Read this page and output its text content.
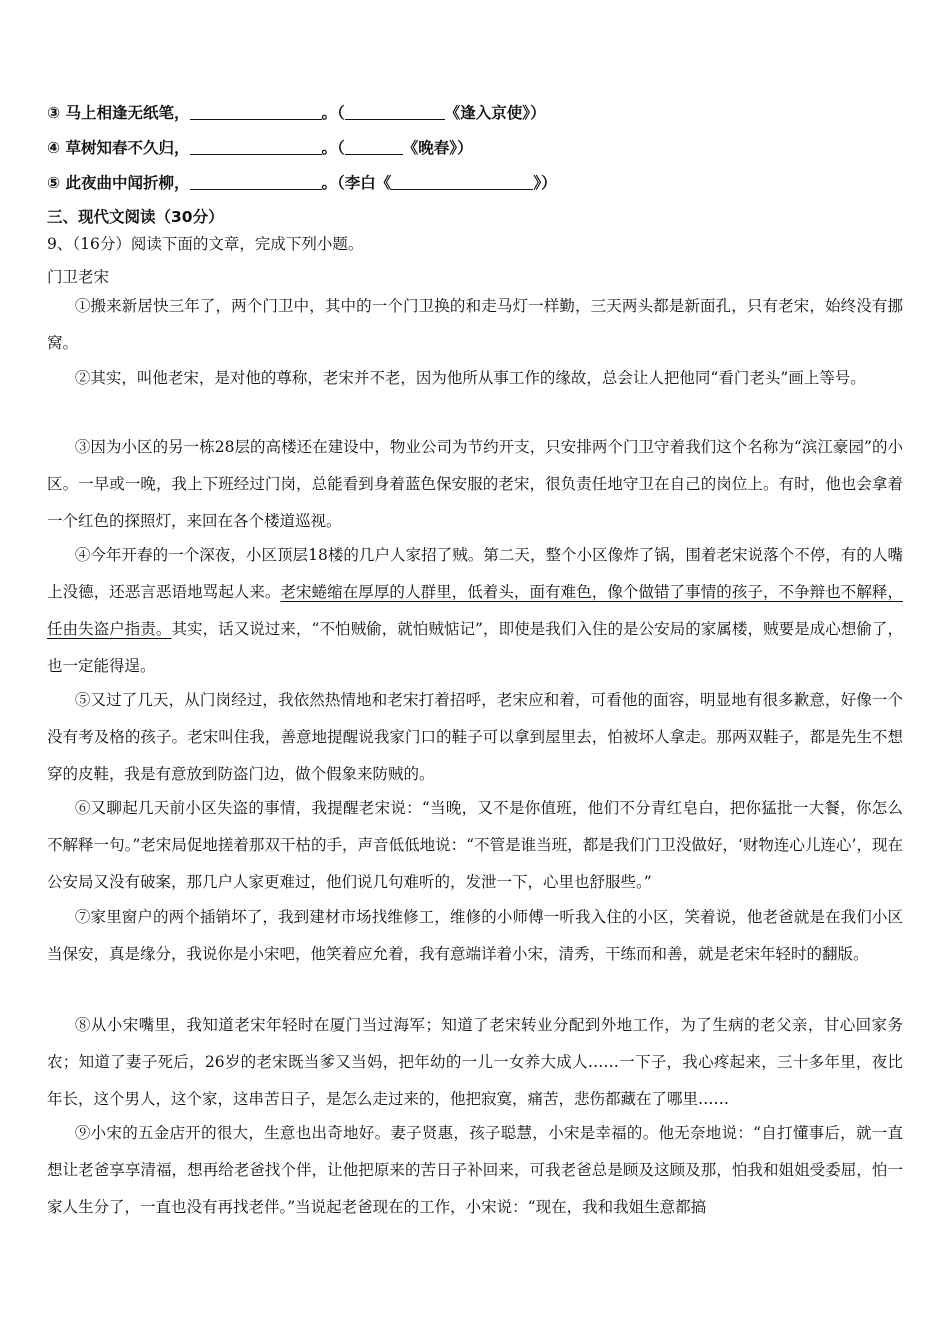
③ 马上相逢无纸笔，	。（	《逢入京使》）
④ 草树知春不久归，	。（	《晚春》）
⑤ 此夜曲中闻折柳，	。（李白《	》）
三、现代文阅读（30分）
9、（16分）阅读下面的文章，完成下列小题。
门卫老宋

①搬来新居快三年了，两个门卫中，其中的一个门卫换的和走马灯一样勤，三天两头都是新面孔，只有老宋，始终没有挪窝。

②其实，叫他老宋，是对他的尊称，老宋并不老，因为他所从事工作的缘故，总会让人把他同“看门老头”画上等号。

③因为小区的另一栋28层的高楼还在建设中，物业公司为节约开支，只安排两个门卫守着我们这个名称为“滨江豪园”的小区。一早或一晚，我上下班经过门岗，总能看到身着蓝色保安服的老宋，很负责任地守卫在自己的岗位上。有时，他也会拿着一个红色的探照灯，来回在各个楼道巡视。

④今年开春的一个深夜，小区顶层18楼的几户人家招了贼。第二天，整个小区像炸了锅，围着老宋说落个不停，有的人嘴上没德，还恶言恶语地骂起人来。老宋蜷缩在厚厚的人群里，低着头，面有难色，像个做错了事情的孩子，不争辩也不解释，任由失盗户指责。其实，话又说过来，“不怕贼偷，就怕贼惦记”，即使是我们入住的是公安局的家属楼，贼要是成心想偷了，也一定能得逞。

⑤又过了几天，从门岗经过，我依然热情地和老宋打着招呼，老宋应和着，可看他的面容，明显地有很多歉意，好像一个没有考及格的孩子。老宋叫住我，善意地提醒说我家门口的鞋子可以拿到屋里去，怕被坏人拿走。那两双鞋子，都是先生不想穿的皮鞋，我是有意放到防盗门边，做个假象来防贼的。

⑥又聊起几天前小区失盗的事情，我提醒老宋说：“当晚，又不是你值班，他们不分青红皂白，把你猛批一大餐，你怎么不解释一句。”老宋局促地搓着那双干枯的手，声音低低地说：“不管是谁当班，都是我们门卫没做好，‘财物连心儿连心’，现在公安局又没有破案，那几户人家更难过，他们说几句难听的，发泄一下，心里也舒服些。”

⑦家里窗户的两个插销坏了，我到建材市场找维修工，维修的小师傅一听我入住的小区，笑着说，他老爸就是在我们小区当保安，真是缘分，我说你是小宋吧，他笑着应允着，我有意端详着小宋，清秀，干练而和善，就是老宋年轻时的翻版。

⑧从小宋嘴里，我知道老宋年轻时在厦门当过海军；知道了老宋转业分配到外地工作，为了生病的老父亲，甘心回家务农；知道了妻子死后，26岁的老宋既当爹又当妈，把年幼的一儿一女养大成人……一下子，我心疼起来，三十多年里，夜比年长，这个男人，这个家，这串苦日子，是怎么走过来的，他把寂寞，痛苦，悲伤都藏在了哪里……

⑨小宋的五金店开的很大，生意也出奇地好。妻子贤惠，孩子聪慧，小宋是幸福的。他无奈地说：“自打懂事后，就一直想让老爸享享清福，想再给老爸找个伴，让他把原来的苦日子补回来，可我老爸总是顾及这顾及那，怕我和姐姐受委屈，怕一家人生分了，一直也没有再找老伴。”当说起老爸现在的工作，小宋说：“现在，我和我姐生意都搞
